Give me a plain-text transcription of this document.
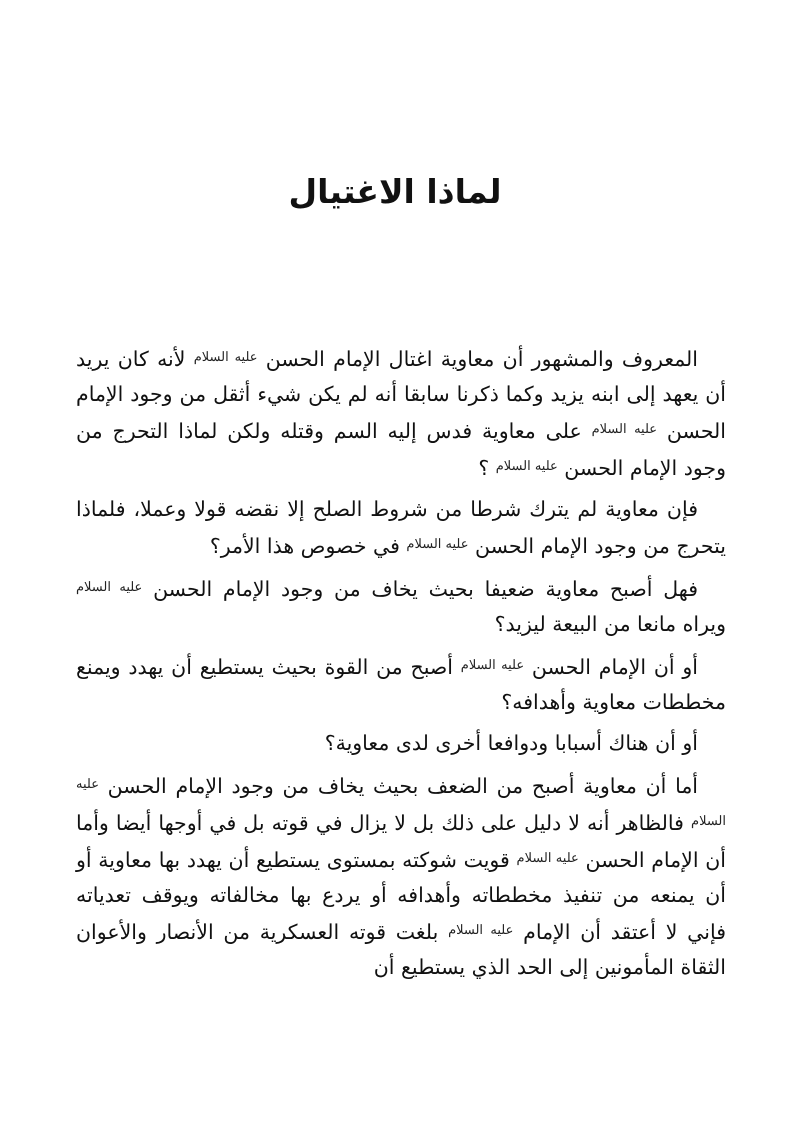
لماذا الاغتيال

المعروف والمشهور أن معاوية اغتال الإمام الحسن $^{عليه السلام}$ لأنه كان يريد أن يعهد إلى ابنه يزيد وكما ذكرنا سابقا أنه لم يكن شيء أثقل من وجود الإمام الحسن $^{عليه السلام}$ على معاوية فدس إليه السم وقتله ولكن لماذا التحرج من وجود الإمام الحسن $^{عليه السلام}$ ؟

فإن معاوية لم يترك شرطا من شروط الصلح إلا نقضه قولا وعملا، فلماذا يتحرج من وجود الإمام الحسن $^{عليه السلام}$ في خصوص هذا الأمر؟

فهل أصبح معاوية ضعيفا بحيث يخاف من وجود الإمام الحسن $^{عليه السلام}$ ويراه مانعا من البيعة ليزيد؟

أو أن الإمام الحسن $^{عليه السلام}$ أصبح من القوة بحيث يستطيع أن يهدد ويمنع مخططات معاوية وأهدافه؟

أو أن هناك أسبابا ودوافعا أخرى لدى معاوية؟

أما أن معاوية أصبح من الضعف بحيث يخاف من وجود الإمام الحسن $^{عليه السلام}$ فالظاهر أنه لا دليل على ذلك بل لا يزال في قوته بل في أوجها أيضا وأما أن الإمام الحسن $^{عليه السلام}$ قويت شوكته بمستوى يستطيع أن يهدد بها معاوية أو أن يمنعه من تنفيذ مخططاته وأهدافه أو يردع بها مخالفاته ويوقف تعدياته فإني لا أعتقد أن الإمام $^{عليه السلام}$ بلغت قوته العسكرية من الأنصار والأعوان الثقاة المأمونين إلى الحد الذي يستطيع أن
